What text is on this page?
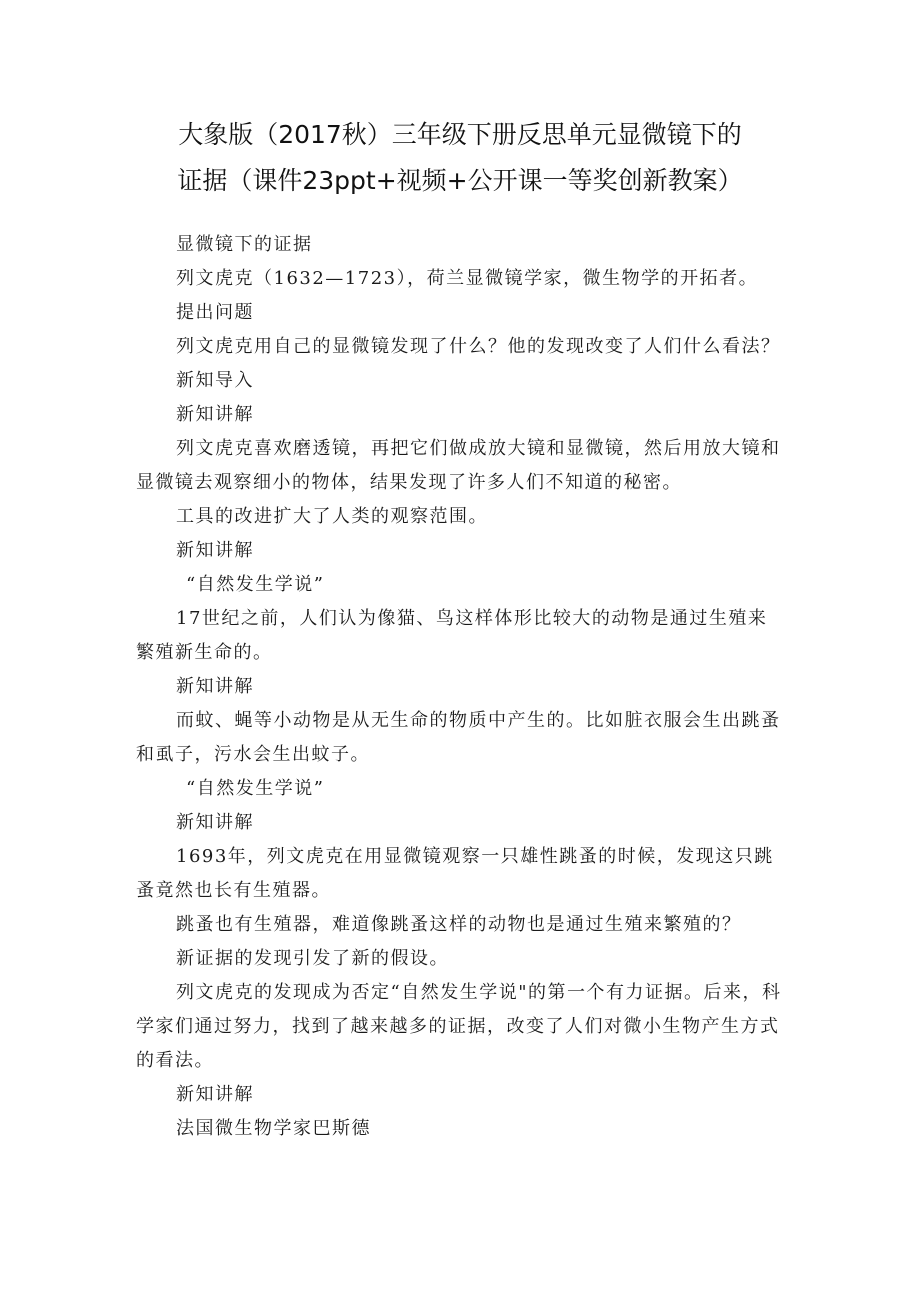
大象版（2017秋）三年级下册反思单元显微镜下的
证据（课件23ppt+视频+公开课一等奖创新教案）

显微镜下的证据

列文虎克（1632—1723），荷兰显微镜学家，微生物学的开拓者。

提出问题

列文虎克用自己的显微镜发现了什么？他的发现改变了人们什么看法？

新知导入

新知讲解

列文虎克喜欢磨透镜，再把它们做成放大镜和显微镜，然后用放大镜和显微镜去观察细小的物体，结果发现了许多人们不知道的秘密。

工具的改进扩大了人类的观察范围。

新知讲解

“自然发生学说”

17世纪之前，人们认为像猫、鸟这样体形比较大的动物是通过生殖来繁殖新生命的。

新知讲解

而蚊、蝇等小动物是从无生命的物质中产生的。比如脏衣服会生出跳蚤和虱子，污水会生出蚊子。

“自然发生学说”

新知讲解

1693年，列文虎克在用显微镜观察一只雄性跳蚤的时候，发现这只跳蚤竟然也长有生殖器。

跳蚤也有生殖器，难道像跳蚤这样的动物也是通过生殖来繁殖的？

新证据的发现引发了新的假设。

列文虎克的发现成为否定“自然发生学说"的第一个有力证据。后来，科学家们通过努力，找到了越来越多的证据，改变了人们对微小生物产生方式的看法。

新知讲解

法国微生物学家巴斯德
